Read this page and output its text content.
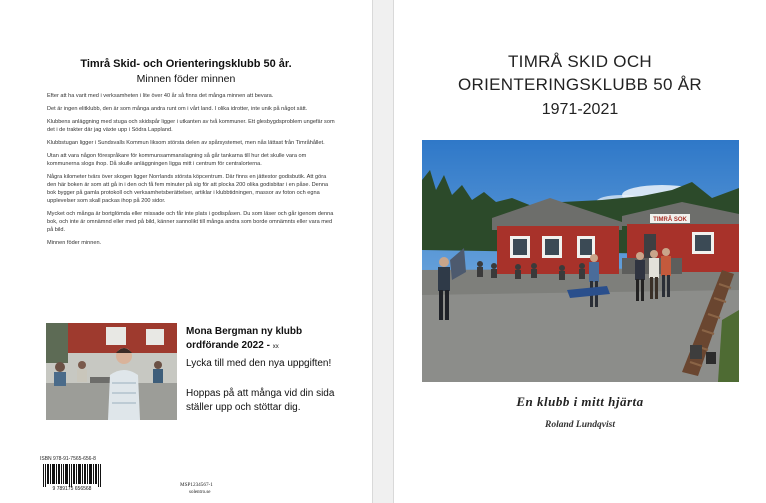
Timrå Skid- och Orienteringsklubb 50 år.
Minnen föder minnen

Efter att ha varit med i verksamheten i lite över 40 år så finns det många minnen att bevara.

Det är ingen elitklubb, den är som många andra runt om i vårt land. I olika idrotter, inte unik på något sätt.

Klubbens anläggning med stuga och skidspår ligger i utkanten av två kommuner. Ett glesbygdsproblem ungefär som det i de trakter där jag växte upp i Södra Lappland.

Klubbstugan ligger i Sundsvalls Kommun liksom största delen av spårsystemet, men nås lättast från Timråhållet.

Utan att vara någon förespråkare för kommunsammanslagning så går tankarna till hur det skulle vara om kommunerna slogs ihop. Då skulle anläggningen ligga mitt i centrum för centralorterna.

Några kilometer tvärs över skogen ligger Norrlands största köpcentrum. Där finns en jättestor godisbutik. Att göra den här boken är som att gå in i den och få fem minuter på sig för att plocka 200 olika godisbitar i en påse. Denna bok bygger på gamla protokoll och verksamhetsberättelser, artiklar i klubbtidningen, massor av foton och egna upplevelser som skall packas ihop på 200 sidor.

Mycket och många är bortglömda eller missade och får inte plats i godispåsen. Du som läser och går igenom denna bok, och inte är omnämnd eller med på bild, känner sannolikt till många andra som borde omnämnts eller vara med på bild.

Minnen föder minnen.

Mona Bergman ny klubb ordförande 2022 - xx
Lycka till med den nya uppgiften!
Hoppas på att många vid din sida ställer upp och stöttar dig.
ISBN 978-91-7565-656-8
9 789175 656568
MSP1234567-1
solentro.se
TIMRÅ SKID OCH
ORIENTERINGSKLUBB 50 ÅR
1971-2021
TIMRÅ SOK
En klubb i mitt hjärta
Roland Lundqvist
